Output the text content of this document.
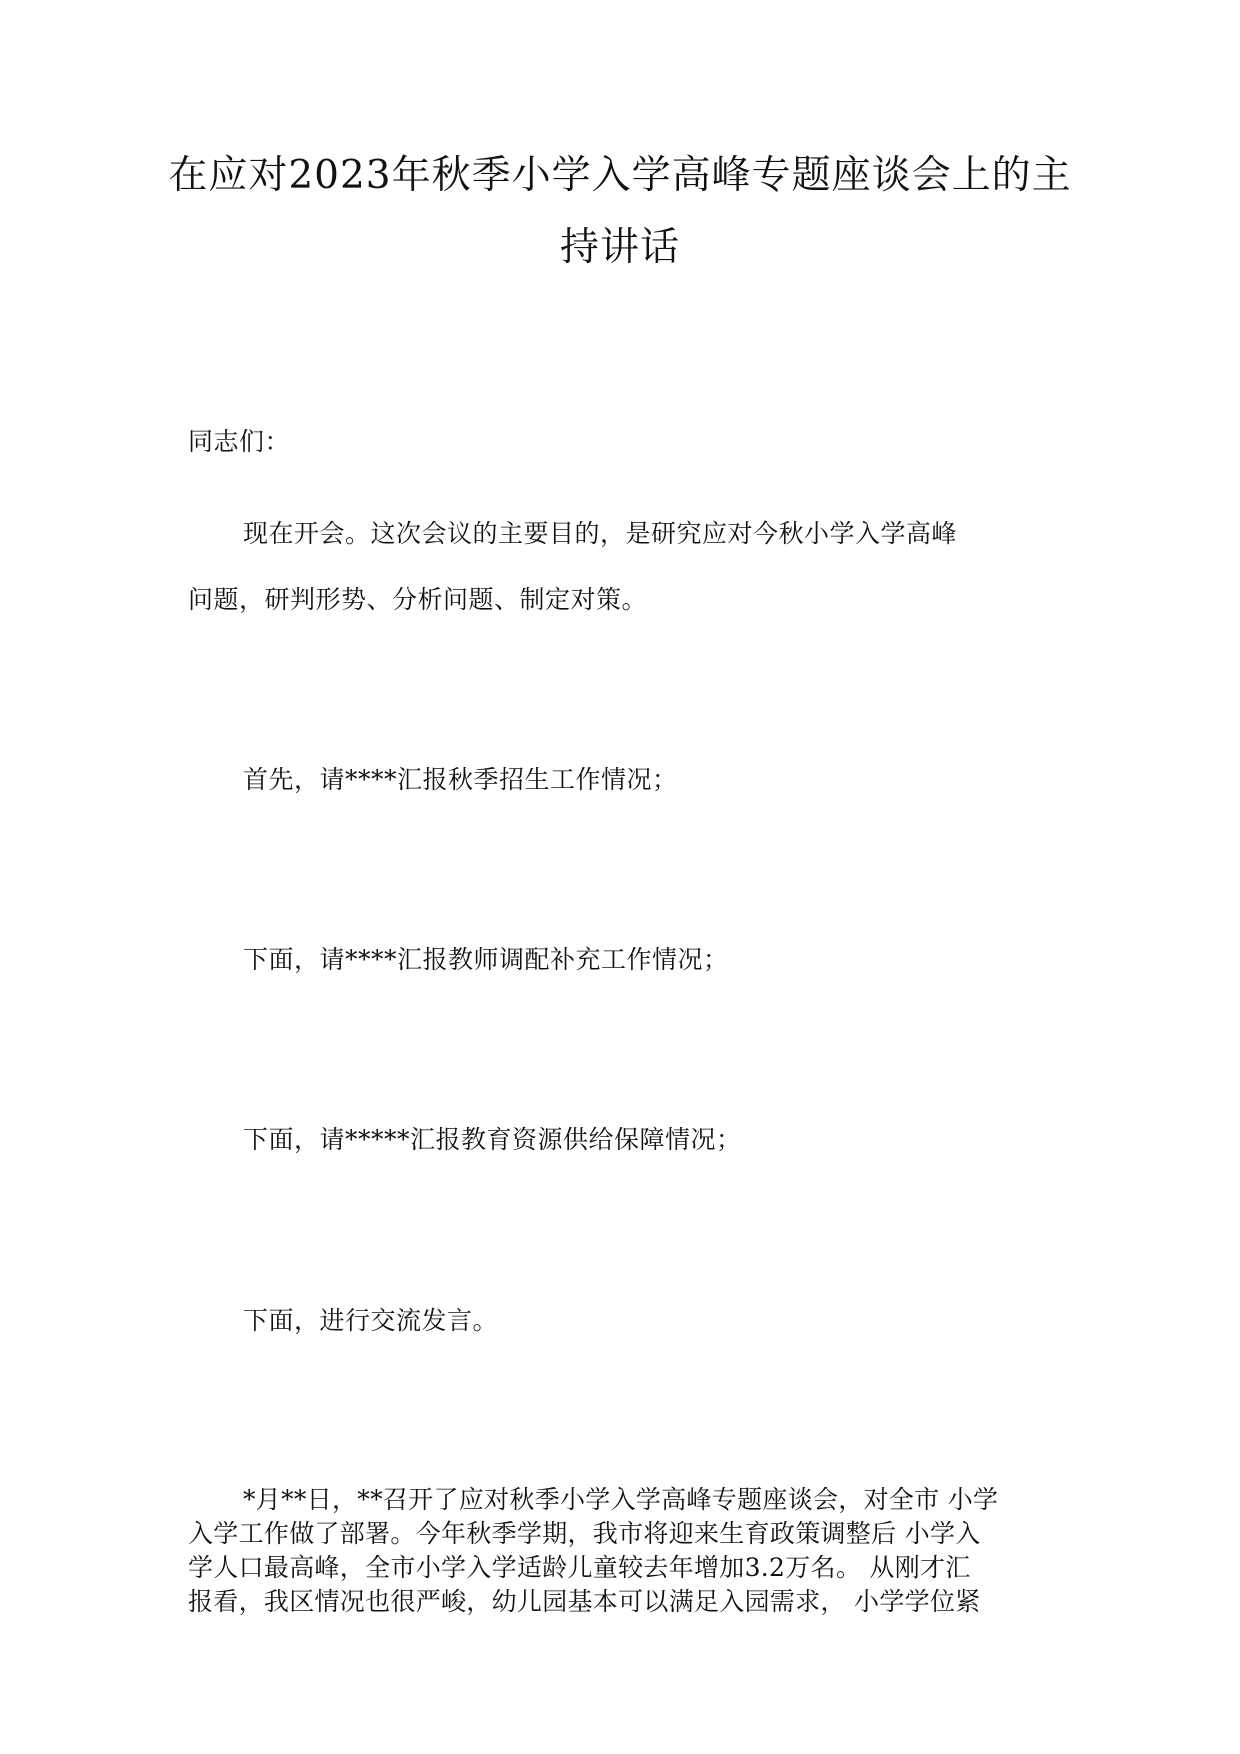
在应对2023年秋季小学入学高峰专题座谈会上的主
持讲话
同志们：
现在开会。这次会议的主要目的，是研究应对今秋小学入学高峰
问题，研判形势、分析问题、制定对策。
首先，请****汇报秋季招生工作情况；
下面，请****汇报教师调配补充工作情况；
下面，请*****汇报教育资源供给保障情况；
下面，进行交流发言。
*月**日，**召开了应对秋季小学入学高峰专题座谈会，对全市 小学
入学工作做了部署。今年秋季学期，我市将迎来生育政策调整后 小学入
学人口最高峰，全市小学入学适龄儿童较去年增加3.2万名。 从刚才汇
报看，我区情况也很严峻，幼儿园基本可以满足入园需求， 小学学位紧
